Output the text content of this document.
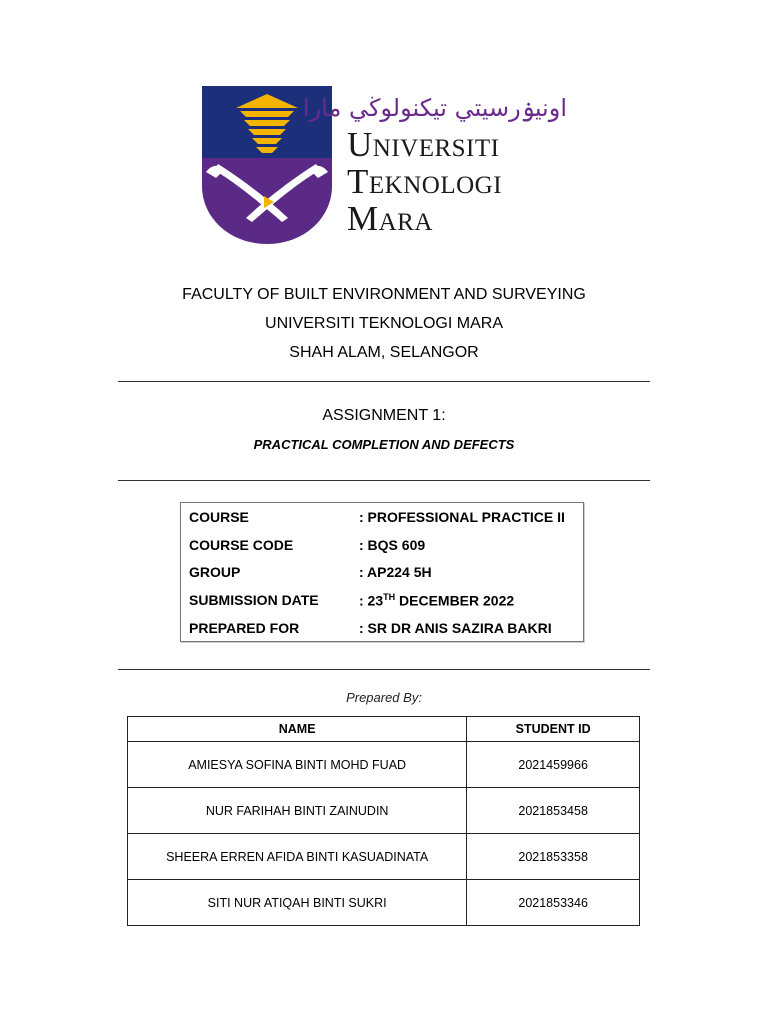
اونيۏرسيتي تيكنولوڬي مارا
Universiti
Teknologi
Mara
FACULTY OF BUILT ENVIRONMENT AND SURVEYING
UNIVERSITI TEKNOLOGI MARA
SHAH ALAM, SELANGOR
ASSIGNMENT 1:
PRACTICAL COMPLETION AND DEFECTS
COURSE	: PROFESSIONAL PRACTICE II
COURSE CODE	: BQS 609
GROUP	: AP224 5H
SUBMISSION DATE	: 23TH DECEMBER 2022
PREPARED FOR	: SR DR ANIS SAZIRA BAKRI
Prepared By:
NAME	STUDENT ID
AMIESYA SOFINA BINTI MOHD FUAD	2021459966
NUR FARIHAH BINTI ZAINUDIN	2021853458
SHEERA ERREN AFIDA BINTI KASUADINATA	2021853358
SITI NUR ATIQAH BINTI SUKRI	2021853346
